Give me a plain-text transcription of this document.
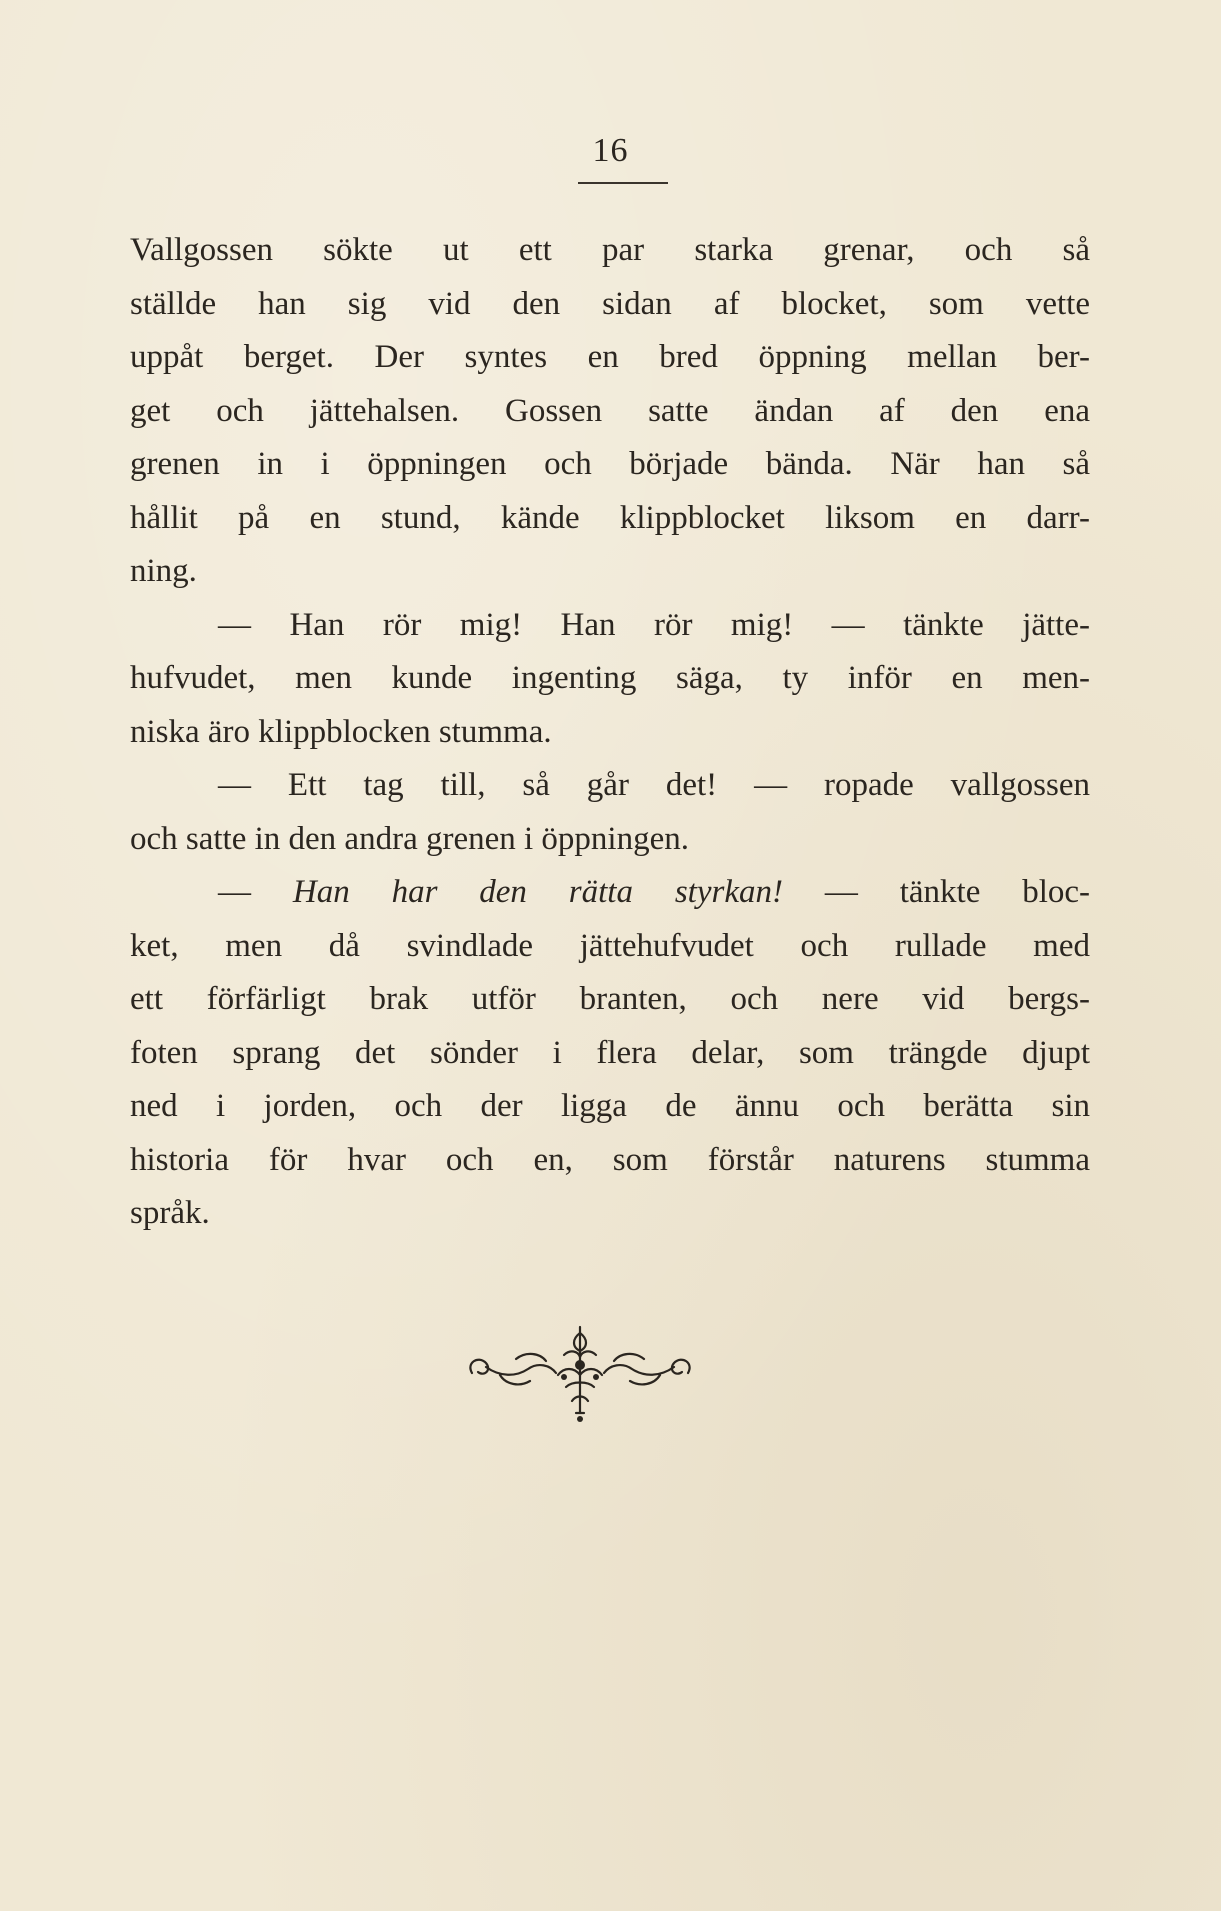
16
Vallgossen sökte ut ett par starka grenar, och så
ställde han sig vid den sidan af blocket, som vette
uppåt berget. Der syntes en bred öppning mellan ber-
get och jättehalsen. Gossen satte ändan af den ena
grenen in i öppningen och började bända. När han så
hållit på en stund, kände klippblocket liksom en darr-
ning.
— Han rör mig! Han rör mig! — tänkte jätte-
hufvudet, men kunde ingenting säga, ty inför en men-
niska äro klippblocken stumma.
— Ett tag till, så går det! — ropade vallgossen
och satte in den andra grenen i öppningen.
— Han har den rätta styrkan! — tänkte bloc-
ket, men då svindlade jättehufvudet och rullade med
ett förfärligt brak utför branten, och nere vid bergs-
foten sprang det sönder i flera delar, som trängde djupt
ned i jorden, och der ligga de ännu och berätta sin
historia för hvar och en, som förstår naturens stumma
språk.
